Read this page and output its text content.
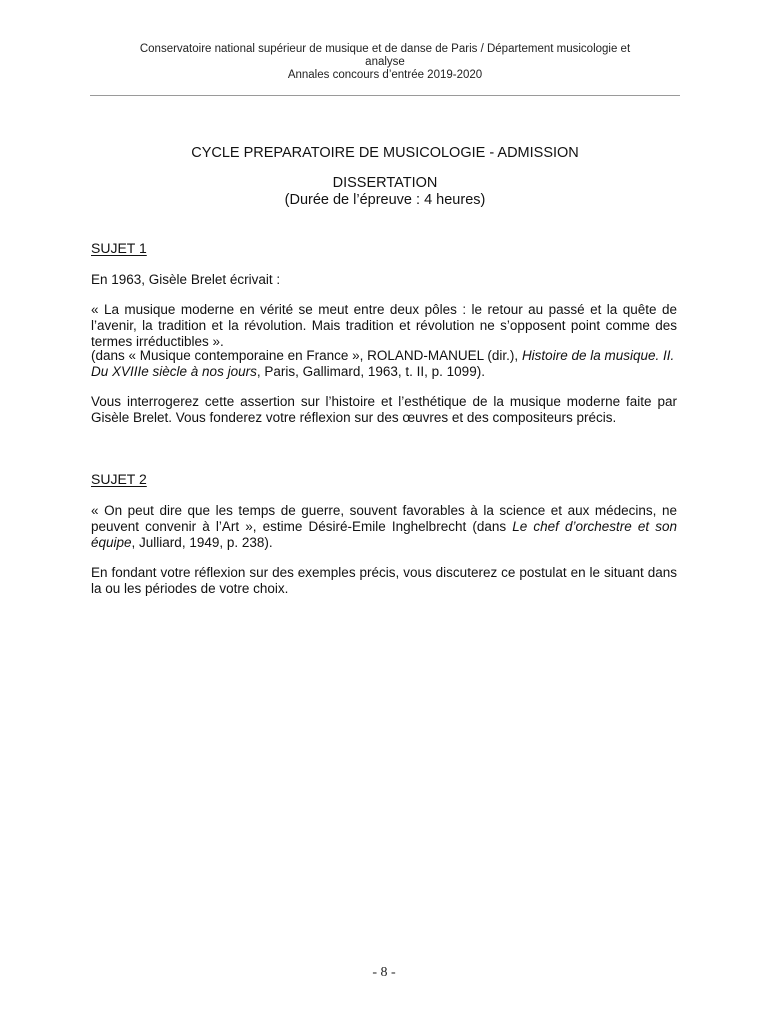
Conservatoire national supérieur de musique et de danse de Paris / Département musicologie et
analyse
Annales concours d’entrée 2019-2020
CYCLE PREPARATOIRE DE MUSICOLOGIE - ADMISSION
DISSERTATION
(Durée de l’épreuve : 4 heures)
SUJET 1

En 1963, Gisèle Brelet écrivait :

« La musique moderne en vérité se meut entre deux pôles : le retour au passé et la quête de l’avenir, la tradition et la révolution. Mais tradition et révolution ne s’opposent point comme des termes irréductibles ».

(dans « Musique contemporaine en France », ROLAND-MANUEL (dir.), Histoire de la musique. II. Du XVIIIe siècle à nos jours, Paris, Gallimard, 1963, t. II, p. 1099).

Vous interrogerez cette assertion sur l’histoire et l’esthétique de la musique moderne faite par Gisèle Brelet. Vous fonderez votre réflexion sur des œuvres et des compositeurs précis.

SUJET 2

« On peut dire que les temps de guerre, souvent favorables à la science et aux médecins, ne peuvent convenir à l’Art », estime Désiré-Emile Inghelbrecht (dans Le chef d’orchestre et son équipe, Julliard, 1949, p. 238).

En fondant votre réflexion sur des exemples précis, vous discuterez ce postulat en le situant dans la ou les périodes de votre choix.

- 8 -
